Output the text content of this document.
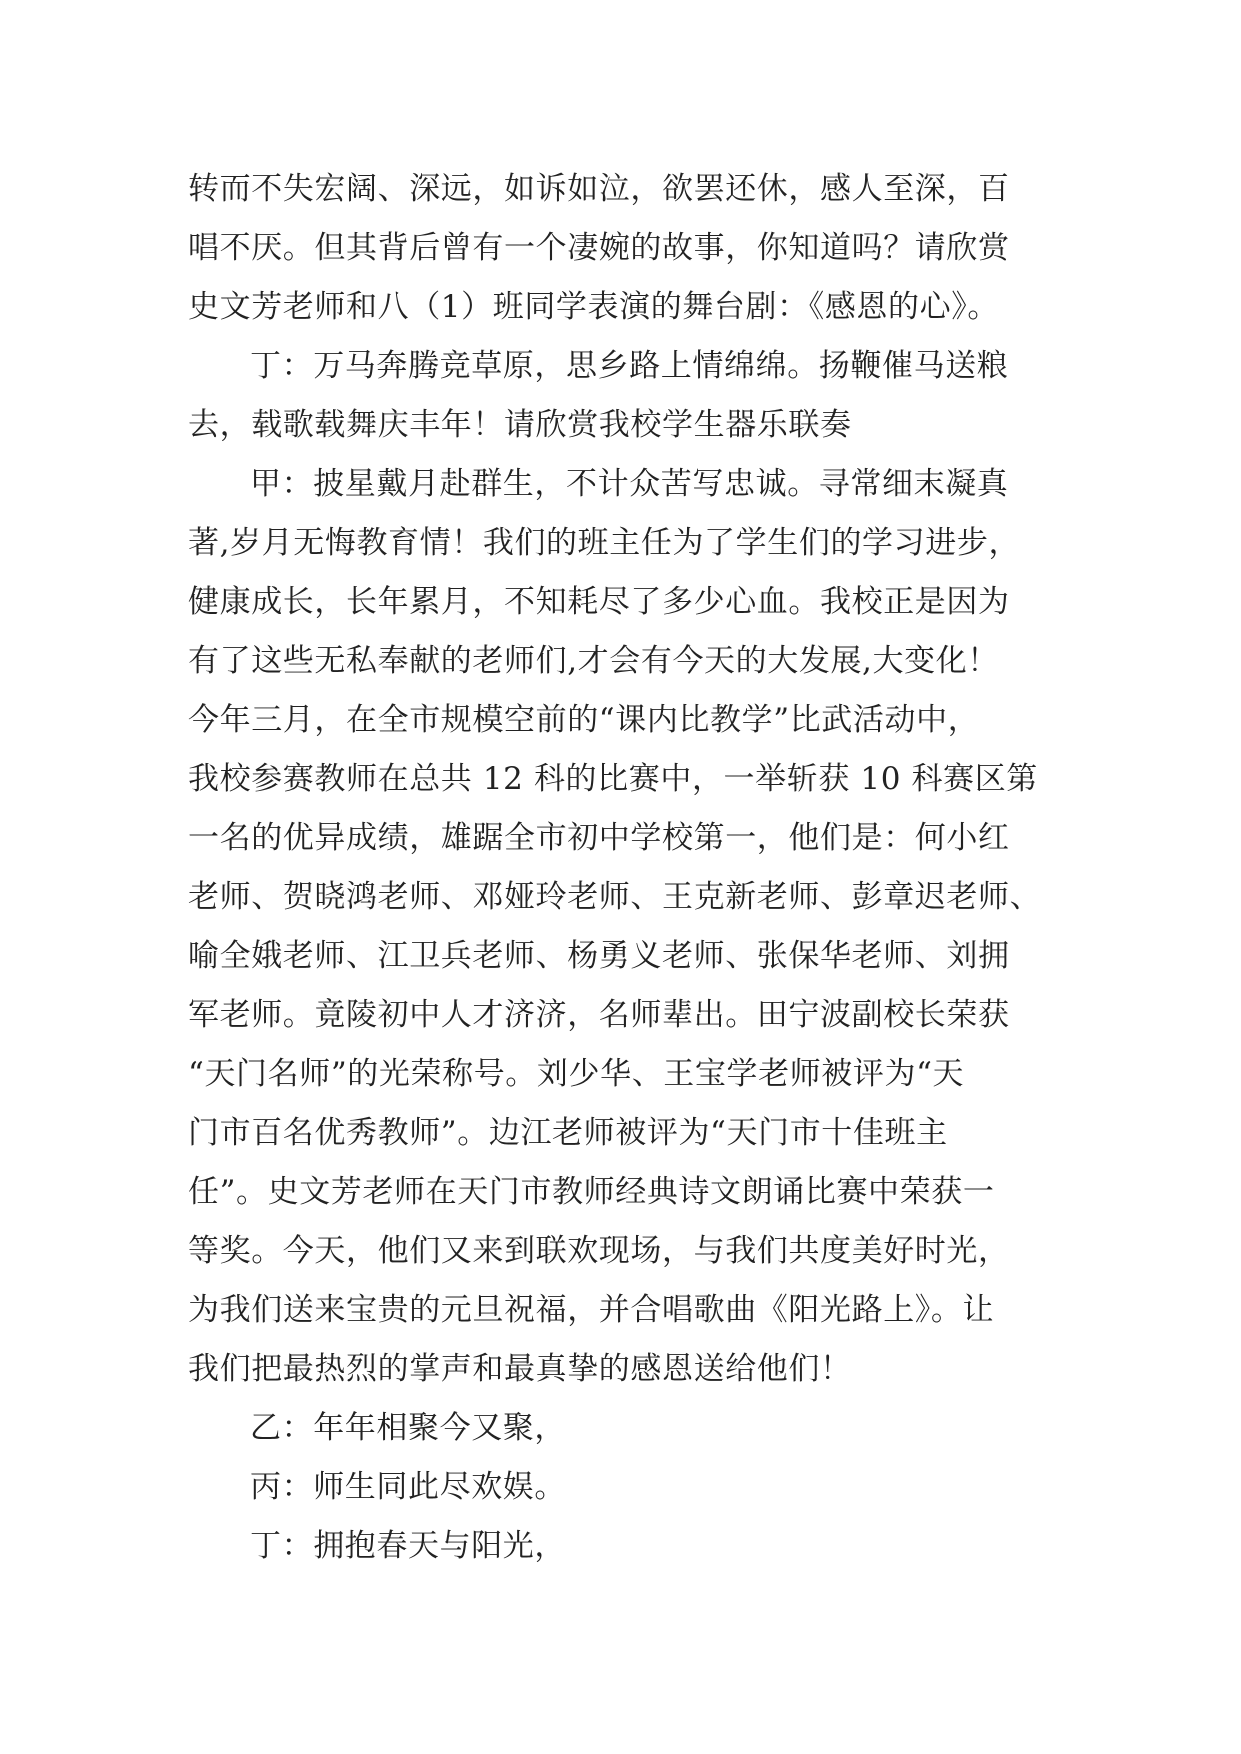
转而不失宏阔、深远，如诉如泣，欲罢还休，感人至深，百
唱不厌。但其背后曾有一个凄婉的故事，你知道吗？请欣赏
史文芳老师和八（1）班同学表演的舞台剧：《感恩的心》。
丁：万马奔腾竞草原，思乡路上情绵绵。扬鞭催马送粮
去，载歌载舞庆丰年！请欣赏我校学生器乐联奏
甲：披星戴月赴群生，不计众苦写忠诚。寻常细末凝真
著,岁月无悔教育情！我们的班主任为了学生们的学习进步，
健康成长，长年累月，不知耗尽了多少心血。我校正是因为
有了这些无私奉献的老师们,才会有今天的大发展,大变化！
今年三月，在全市规模空前的“课内比教学”比武活动中，
我校参赛教师在总共 12 科的比赛中，一举斩获 10 科赛区第
一名的优异成绩，雄踞全市初中学校第一，他们是：何小红
老师、贺晓鸿老师、邓娅玲老师、王克新老师、彭章迟老师、
喻全娥老师、江卫兵老师、杨勇义老师、张保华老师、刘拥
军老师。竟陵初中人才济济，名师辈出。田宁波副校长荣获
“天门名师”的光荣称号。刘少华、王宝学老师被评为“天
门市百名优秀教师”。边江老师被评为“天门市十佳班主
任”。史文芳老师在天门市教师经典诗文朗诵比赛中荣获一
等奖。今天，他们又来到联欢现场，与我们共度美好时光，
为我们送来宝贵的元旦祝福，并合唱歌曲《阳光路上》。让
我们把最热烈的掌声和最真挚的感恩送给他们！
乙：年年相聚今又聚，
丙：师生同此尽欢娱。
丁：拥抱春天与阳光，
